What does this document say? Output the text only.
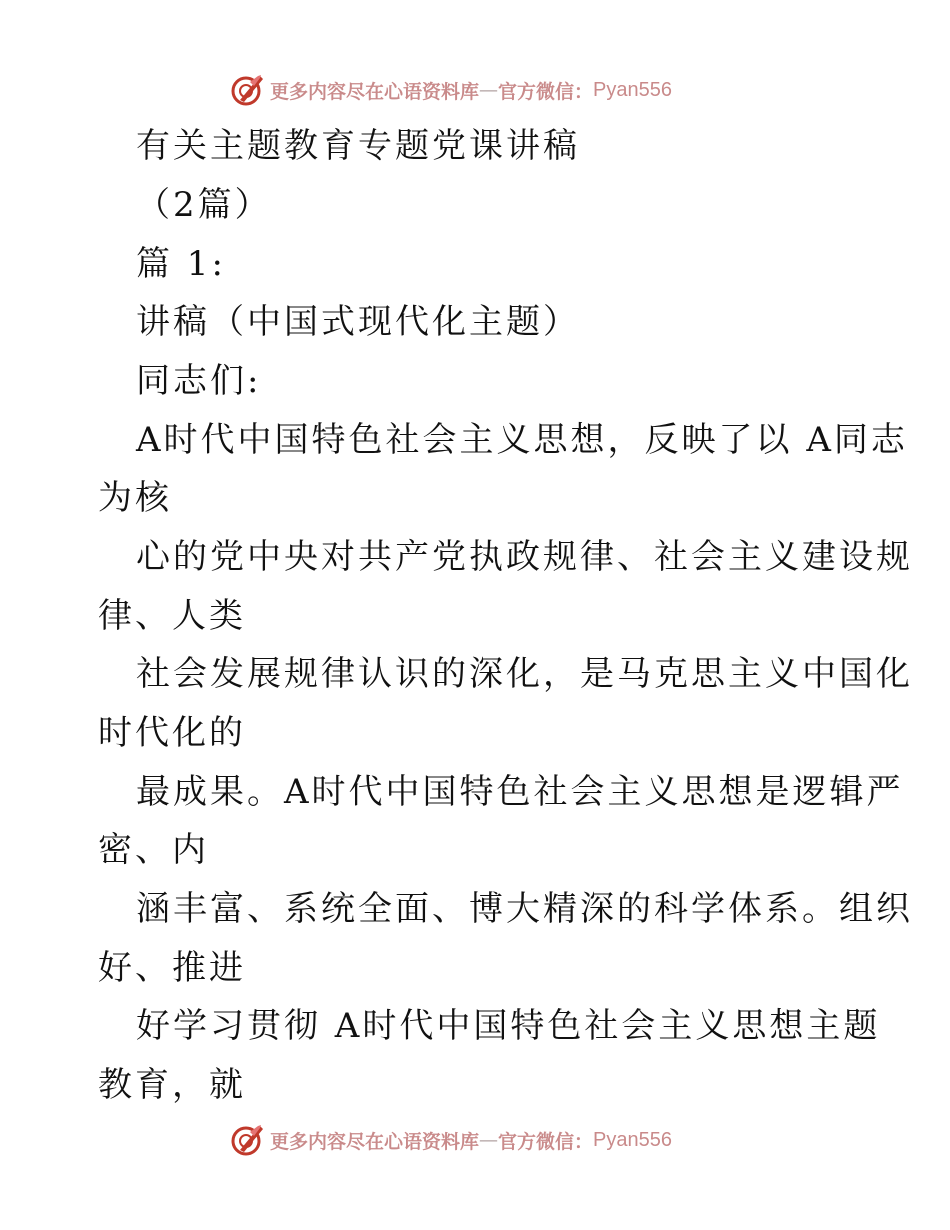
更多内容尽在心语资料库 — 官方微信： Pyan556
有关主题教育专题党课讲稿
（2篇）
篇 1:
讲稿（中国式现代化主题）
同志们:
A时代中国特色社会主义思想，反映了以 A同志
为核
心的党中央对共产党执政规律、社会主义建设规
律、人类
社会发展规律认识的深化，是马克思主义中国化
时代化的
最成果。A时代中国特色社会主义思想是逻辑严
密、内
涵丰富、系统全面、博大精深的科学体系。组织
好、推进
好学习贯彻 A时代中国特色社会主义思想主题
教育，就
更多内容尽在心语资料库 — 官方微信： Pyan556
